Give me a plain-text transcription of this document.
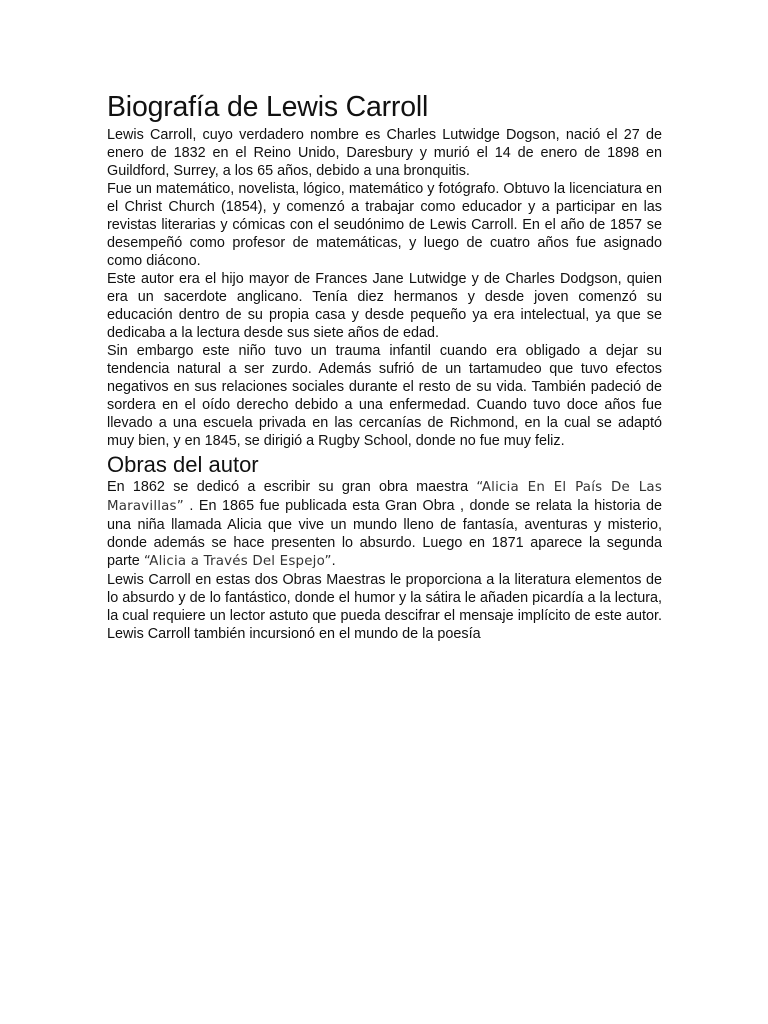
Biografía de Lewis Carroll

Lewis Carroll, cuyo verdadero nombre es Charles Lutwidge Dogson, nació el 27 de enero de 1832 en el Reino Unido, Daresbury y murió el 14 de enero de 1898 en Guildford, Surrey, a los 65 años, debido a una bronquitis.

Fue un matemático, novelista, lógico, matemático y fotógrafo. Obtuvo la licenciatura en el Christ Church (1854), y comenzó a trabajar como educador y a participar en las revistas literarias y cómicas con el seudónimo de Lewis Carroll. En el año de 1857 se desempeñó como profesor de matemáticas, y luego de cuatro años fue asignado como diácono.

Este autor era el hijo mayor de Frances Jane Lutwidge y de Charles Dodgson, quien era un sacerdote anglicano. Tenía diez hermanos y desde joven comenzó su educación dentro de su propia casa y desde pequeño ya era intelectual, ya que se dedicaba a la lectura desde sus siete años de edad.

Sin embargo este niño tuvo un trauma infantil cuando era obligado a dejar su tendencia natural a ser zurdo. Además sufrió de un tartamudeo que tuvo efectos negativos en sus relaciones sociales durante el resto de su vida. También padeció de sordera en el oído derecho debido a una enfermedad. Cuando tuvo doce años fue llevado a una escuela privada en las cercanías de Richmond, en la cual se adaptó muy bien, y en 1845, se dirigió a Rugby School, donde no fue muy feliz.

Obras del autor

En 1862 se dedicó a escribir su gran obra maestra “Alicia En El País De Las Maravillas” . En 1865 fue publicada esta Gran Obra , donde se relata la historia de una niña llamada Alicia que vive un mundo lleno de fantasía, aventuras y misterio, donde además se hace presenten lo absurdo. Luego en 1871 aparece la segunda parte “Alicia a Través Del Espejo”.

Lewis Carroll en estas dos Obras Maestras le proporciona a la literatura elementos de lo absurdo y de lo fantástico, donde el humor y la sátira le añaden picardía a la lectura, la cual requiere un lector astuto que pueda descifrar el mensaje implícito de este autor. Lewis Carroll también incursionó en el mundo de la poesía
